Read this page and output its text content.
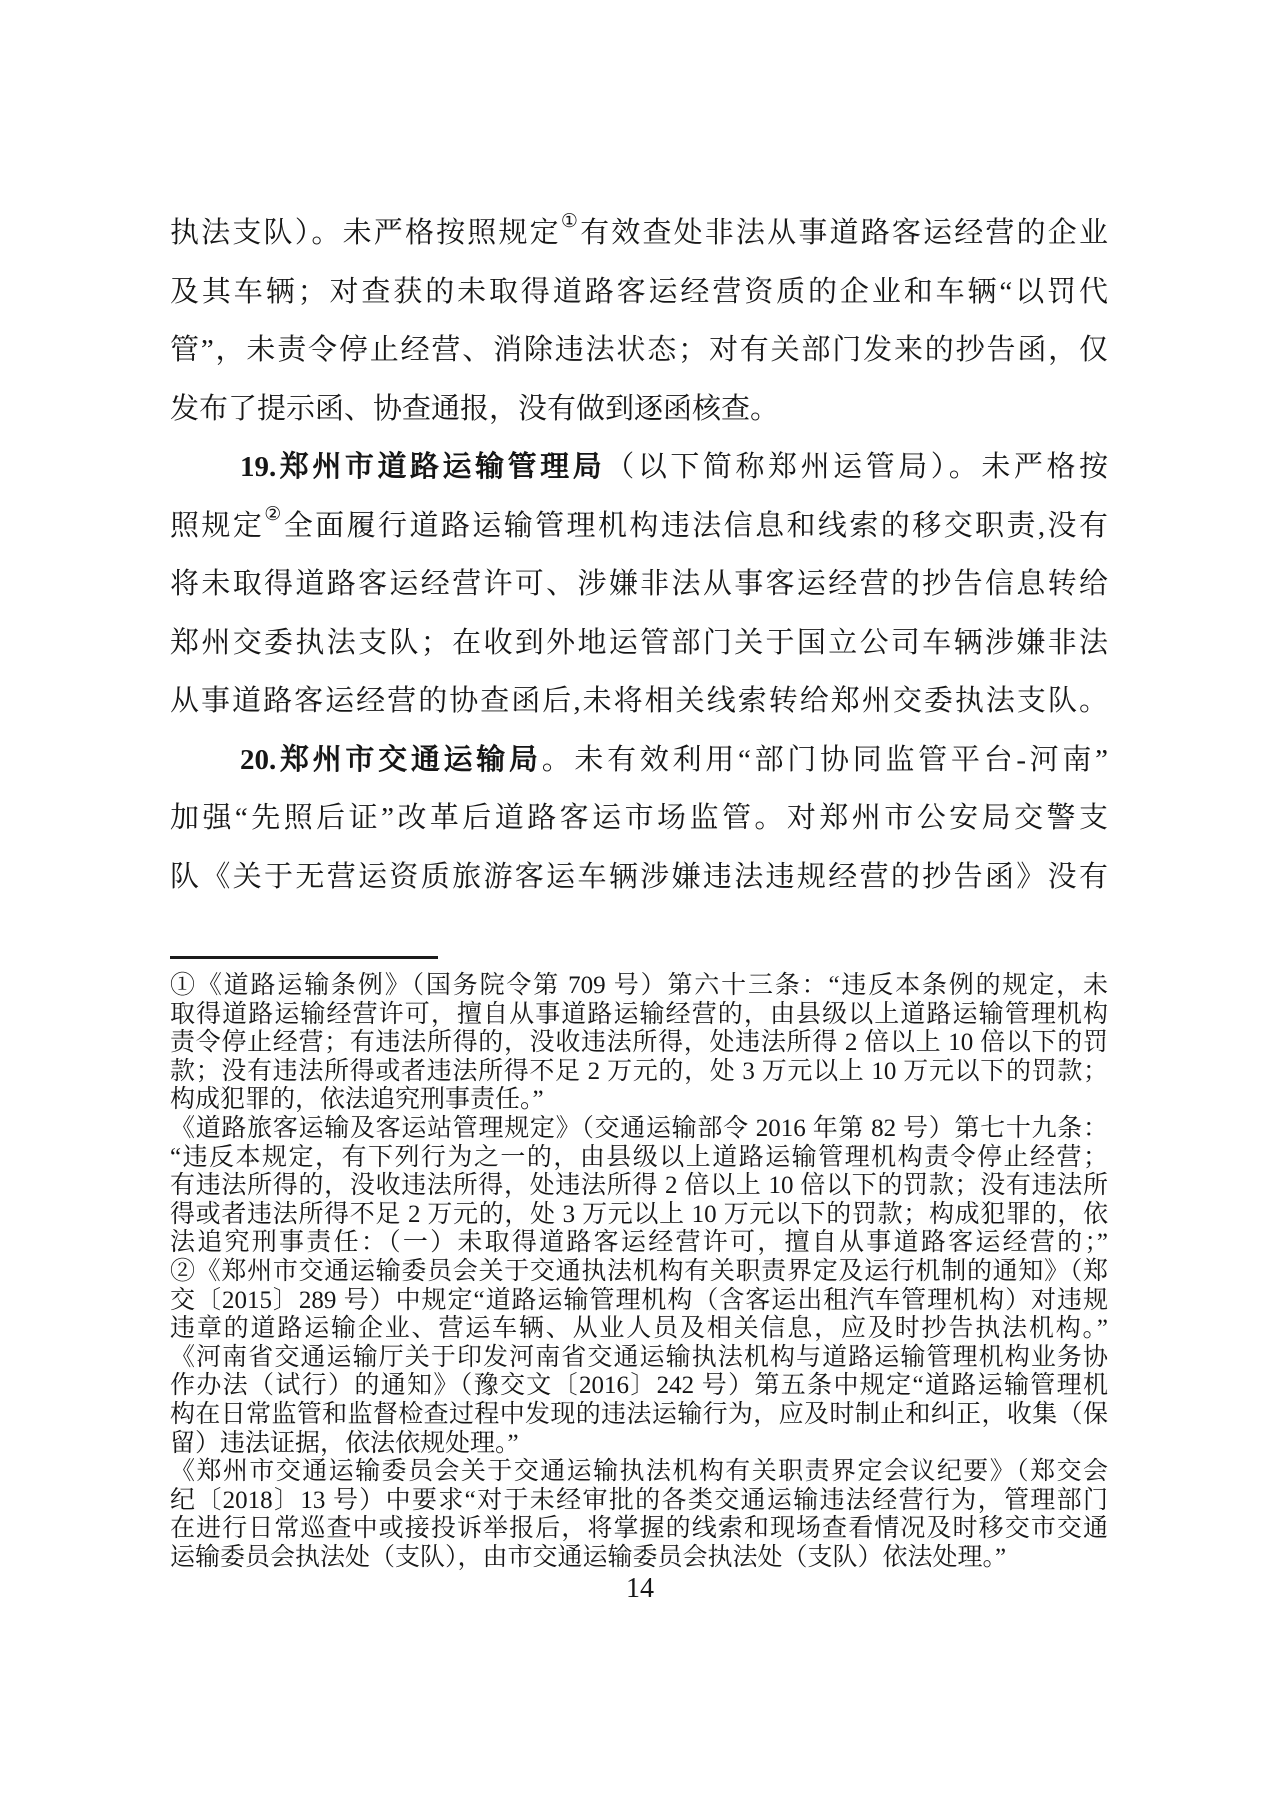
执法支队）。未严格按照规定①有效查处非法从事道路客运经营的企业
及其车辆；对查获的未取得道路客运经营资质的企业和车辆“以罚代
管”，未责令停止经营、消除违法状态；对有关部门发来的抄告函，仅
发布了提示函、协查通报，没有做到逐函核查。
19.郑州市道路运输管理局（以下简称郑州运管局）。未严格按
照规定②全面履行道路运输管理机构违法信息和线索的移交职责,没有
将未取得道路客运经营许可、涉嫌非法从事客运经营的抄告信息转给
郑州交委执法支队；在收到外地运管部门关于国立公司车辆涉嫌非法
从事道路客运经营的协查函后,未将相关线索转给郑州交委执法支队。
20.郑州市交通运输局。未有效利用“部门协同监管平台-河南”
加强“先照后证”改革后道路客运市场监管。对郑州市公安局交警支
队《关于无营运资质旅游客运车辆涉嫌违法违规经营的抄告函》没有
①《道路运输条例》（国务院令第 709 号）第六十三条：“违反本条例的规定，未
取得道路运输经营许可，擅自从事道路运输经营的，由县级以上道路运输管理机构
责令停止经营；有违法所得的，没收违法所得，处违法所得 2 倍以上 10 倍以下的罚
款；没有违法所得或者违法所得不足 2 万元的，处 3 万元以上 10 万元以下的罚款；
构成犯罪的，依法追究刑事责任。”
《道路旅客运输及客运站管理规定》（交通运输部令 2016 年第 82 号）第七十九条：
“违反本规定，有下列行为之一的，由县级以上道路运输管理机构责令停止经营；
有违法所得的，没收违法所得，处违法所得 2 倍以上 10 倍以下的罚款；没有违法所
得或者违法所得不足 2 万元的，处 3 万元以上 10 万元以下的罚款；构成犯罪的，依
法追究刑事责任：（一）未取得道路客运经营许可，擅自从事道路客运经营的；”
②《郑州市交通运输委员会关于交通执法机构有关职责界定及运行机制的通知》（郑
交〔2015〕289 号）中规定“道路运输管理机构（含客运出租汽车管理机构）对违规
违章的道路运输企业、营运车辆、从业人员及相关信息，应及时抄告执法机构。”
《河南省交通运输厅关于印发河南省交通运输执法机构与道路运输管理机构业务协
作办法（试行）的通知》（豫交文〔2016〕242 号）第五条中规定“道路运输管理机
构在日常监管和监督检查过程中发现的违法运输行为，应及时制止和纠正，收集（保
留）违法证据，依法依规处理。”
《郑州市交通运输委员会关于交通运输执法机构有关职责界定会议纪要》（郑交会
纪〔2018〕13 号）中要求“对于未经审批的各类交通运输违法经营行为，管理部门
在进行日常巡查中或接投诉举报后，将掌握的线索和现场查看情况及时移交市交通
运输委员会执法处（支队），由市交通运输委员会执法处（支队）依法处理。”
14
